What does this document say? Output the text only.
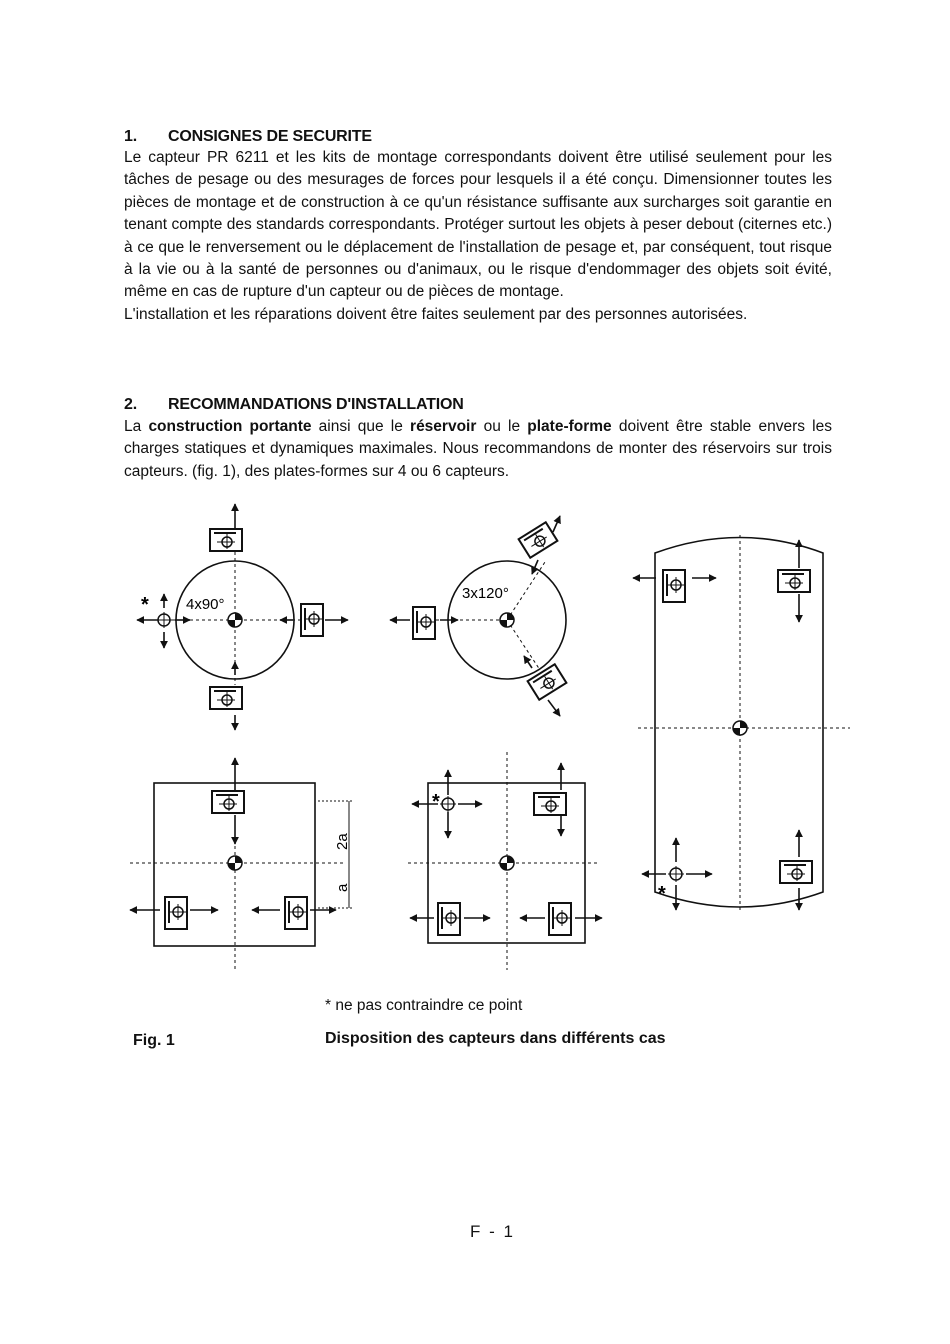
1. CONSIGNES DE SECURITE

Le capteur PR 6211 et les kits de montage correspondants doivent être utilisé seulement pour les tâches de pesage ou des mesurages de forces pour lesquels il a été conçu. Dimensionner toutes les pièces de montage et de construction à ce qu'un résistance suffisante aux surcharges soit garantie en tenant compte des standards correspondants. Protéger surtout les objets à peser debout (citernes etc.) à ce que le renversement ou le déplacement de l'installation de pesage et, par conséquent, tout risque à la vie ou à la santé de personnes ou d'animaux, ou le risque d'endommager des objets soit évité, même en cas de rupture d'un capteur ou de pièces de montage.

L'installation et les réparations doivent être faites seulement par des personnes autorisées.

2. RECOMMANDATIONS D'INSTALLATION

La construction portante ainsi que le réservoir ou le plate-forme doivent être stable envers les charges statiques et dynamiques maximales. Nous recommandons de monter des réservoirs sur trois capteurs. (fig. 1), des plates-formes sur 4 ou 6 capteurs.

* 4x90°
3x120°
2a
a
*
*
* ne pas contraindre ce point
Fig. 1	Disposition des capteurs dans différents cas
F - 1
